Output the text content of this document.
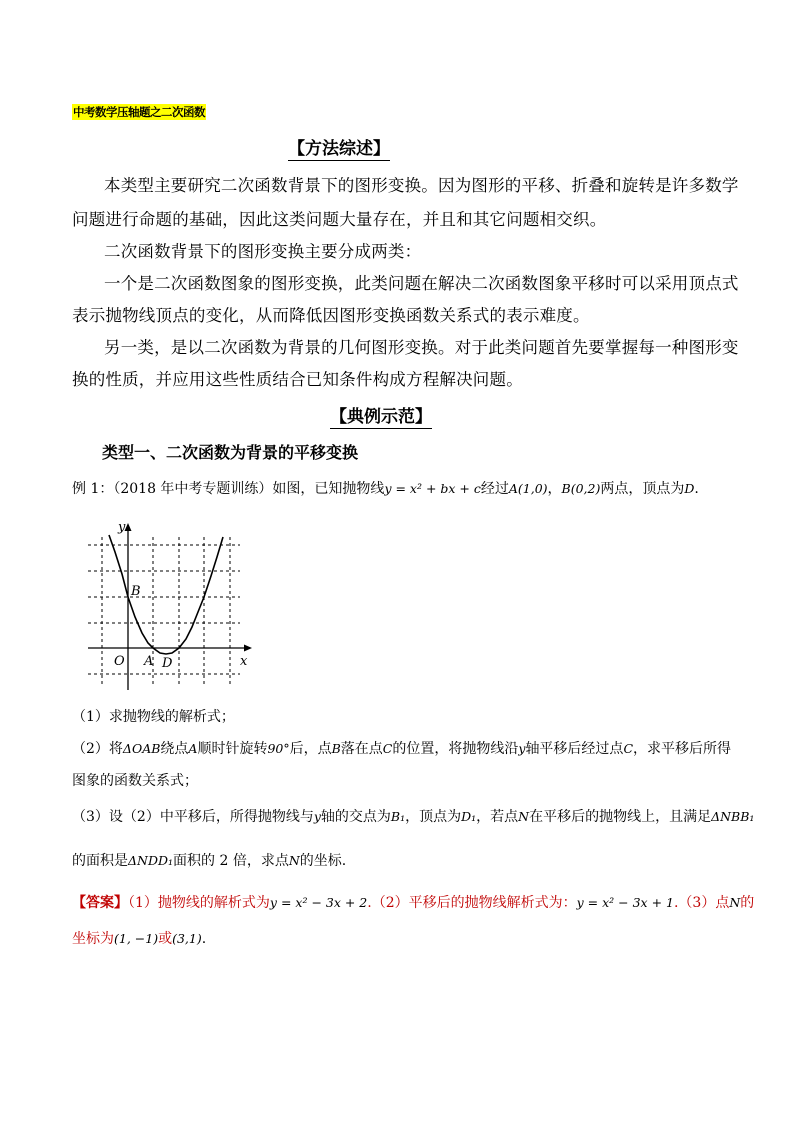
中考数学压轴题之二次函数
【方法综述】
本类型主要研究二次函数背景下的图形变换。因为图形的平移、折叠和旋转是许多数学
问题进行命题的基础，因此这类问题大量存在，并且和其它问题相交织。
二次函数背景下的图形变换主要分成两类：
一个是二次函数图象的图形变换，此类问题在解决二次函数图象平移时可以采用顶点式
表示抛物线顶点的变化，从而降低因图形变换函数关系式的表示难度。
另一类，是以二次函数为背景的几何图形变换。对于此类问题首先要掌握每一种图形变
换的性质，并应用这些性质结合已知条件构成方程解决问题。
【典例示范】
类型一、二次函数为背景的平移变换
例 1：（2018 年中考专题训练）如图，已知抛物线y = x² + bx + c经过A(1,0)，B(0,2)两点，顶点为D.
y
x
O A
B
D
（1）求抛物线的解析式；
（2）将ΔOAB绕点A顺时针旋转90°后，点B落在点C的位置，将抛物线沿y轴平移后经过点C，求平移后所得
图象的函数关系式；
（3）设（2）中平移后，所得抛物线与y轴的交点为B₁，顶点为D₁，若点N在平移后的抛物线上，且满足ΔNBB₁
的面积是ΔNDD₁面积的 2 倍，求点N的坐标.
【答案】（1）抛物线的解析式为y = x² − 3x + 2.（2）平移后的抛物线解析式为：y = x² − 3x + 1.（3）点N的
坐标为(1, −1)或(3,1).
